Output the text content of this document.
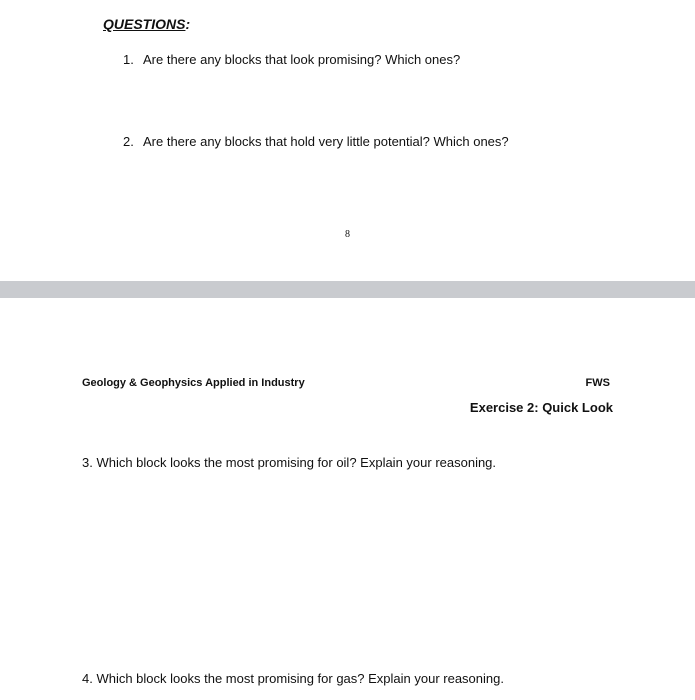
QUESTIONS:
1. Are there any blocks that look promising? Which ones?
2. Are there any blocks that hold very little potential? Which ones?
8
Geology & Geophysics Applied in Industry	FWS
Exercise 2: Quick Look
3. Which block looks the most promising for oil? Explain your reasoning.
4. Which block looks the most promising for gas? Explain your reasoning.
